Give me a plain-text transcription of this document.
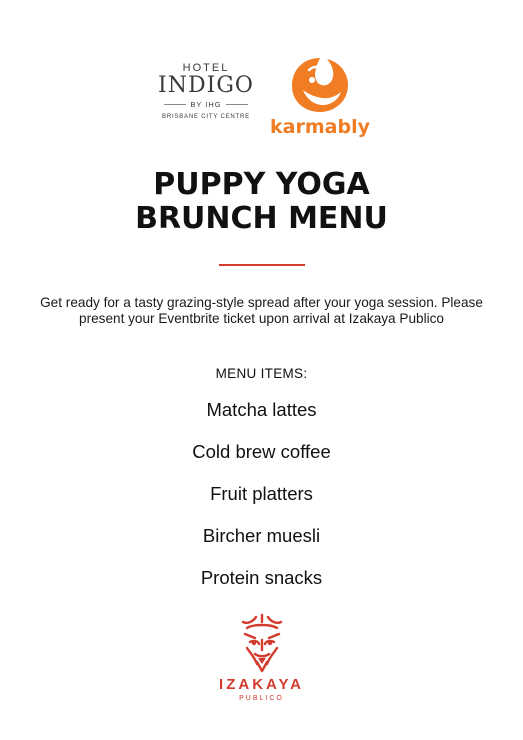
HOTEL
INDIGO
BY IHG
BRISBANE CITY CENTRE karmably
PUPPY YOGA
BRUNCH MENU
Get ready for a tasty grazing-style spread after your yoga session. Please present your Eventbrite ticket upon arrival at Izakaya Publico
MENU ITEMS:
Matcha lattes
Cold brew coffee
Fruit platters
Bircher muesli
Protein snacks
IZAKAYA
PUBLICO
